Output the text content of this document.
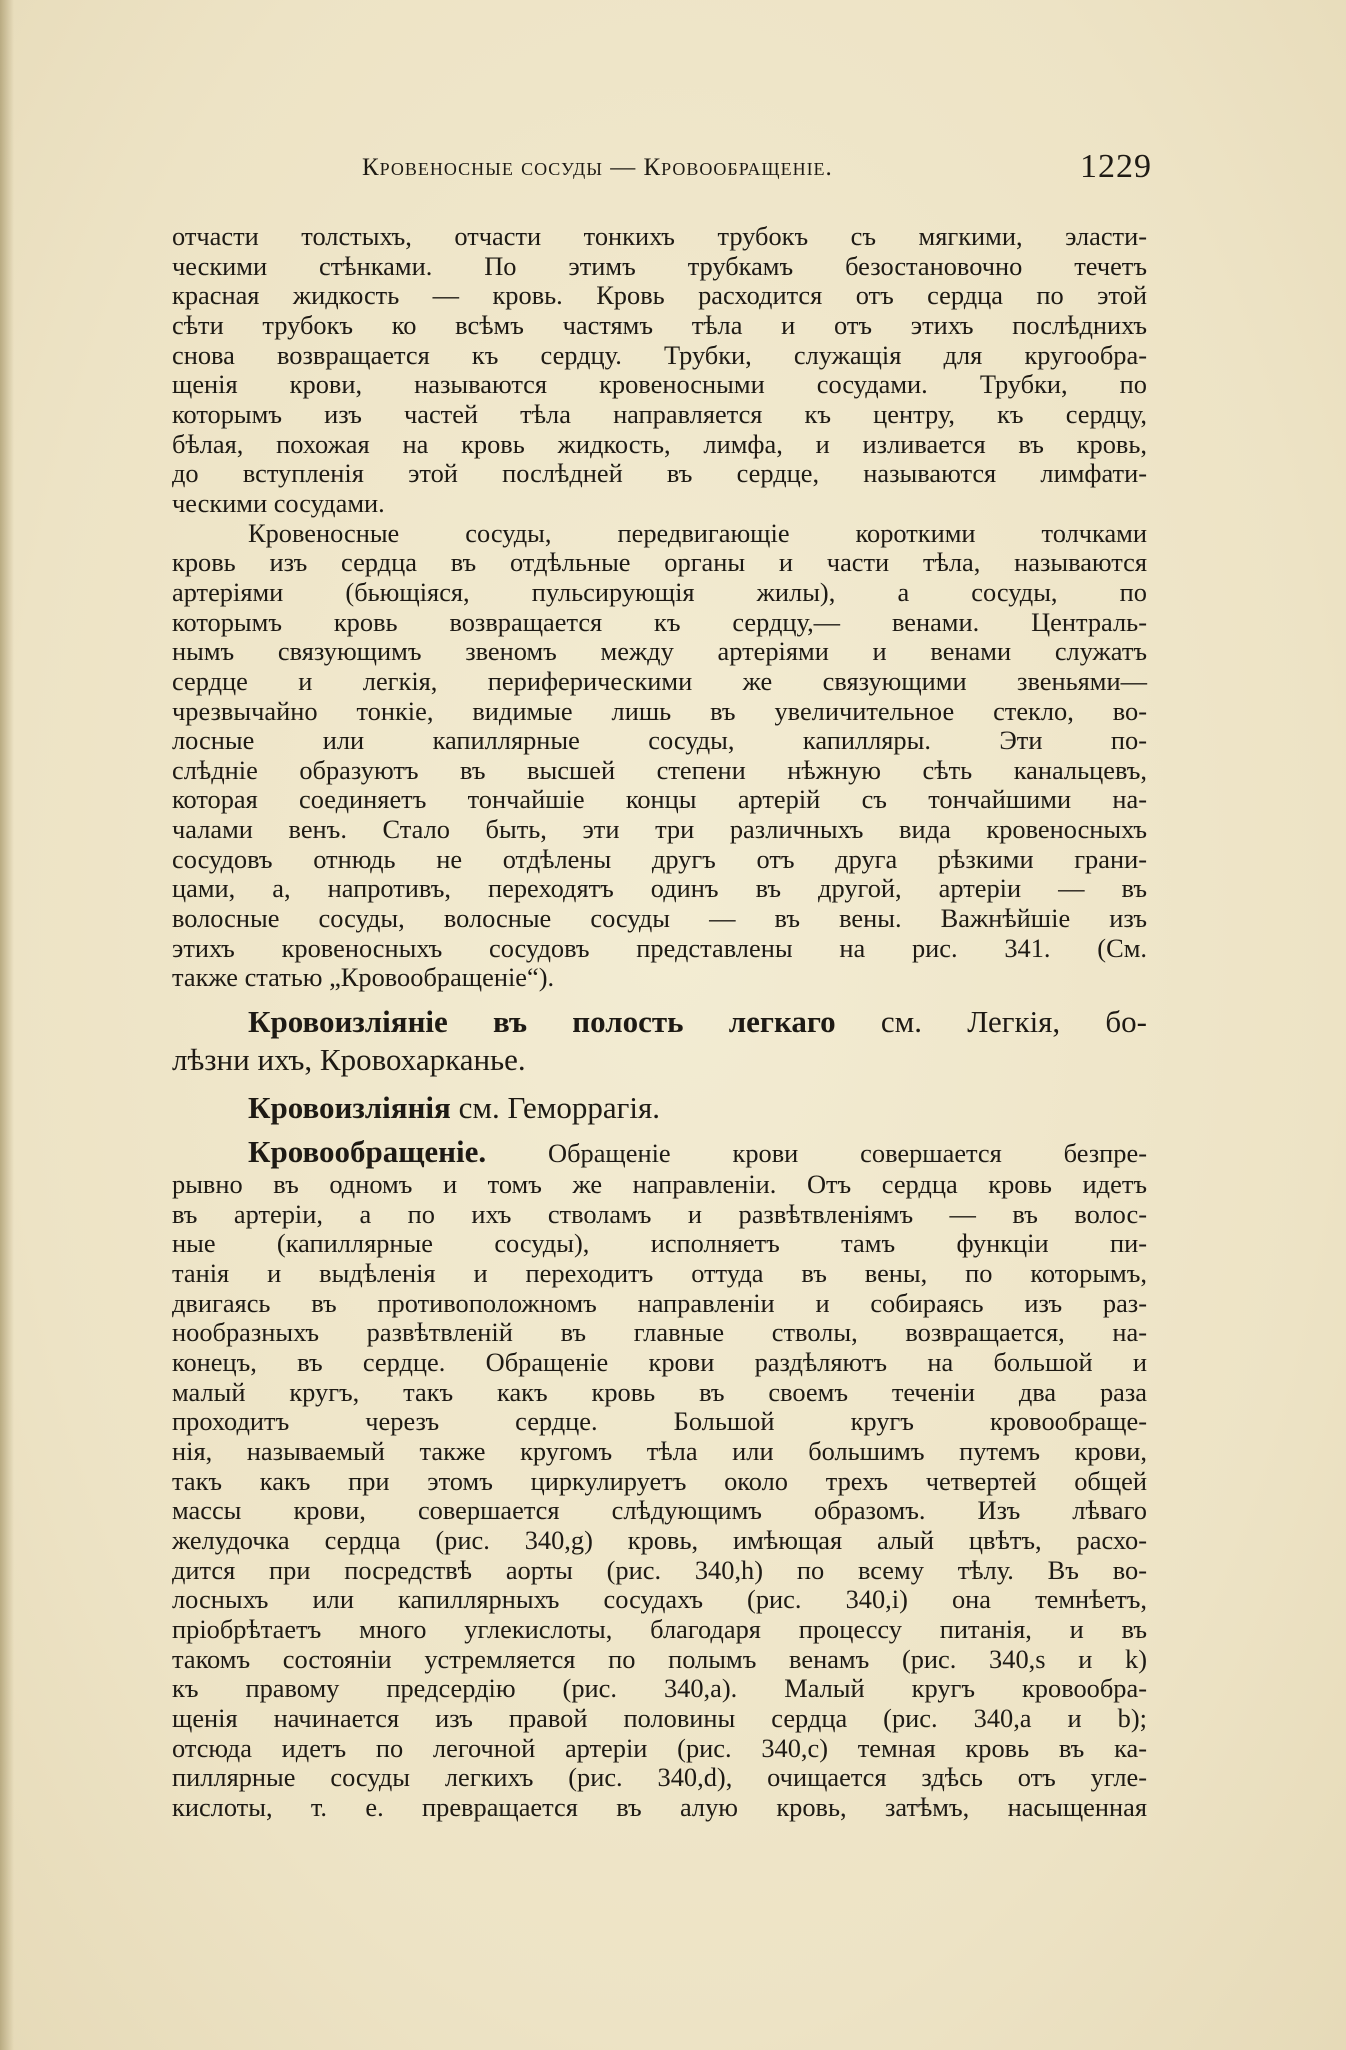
Кровеносные сосуды — Кровообращеніе.	1229
отчасти толстыхъ, отчасти тонкихъ трубокъ съ мягкими, эласти-
ческими стѣнками. По этимъ трубкамъ безостановочно течетъ
красная жидкость — кровь. Кровь расходится отъ сердца по этой
сѣти трубокъ ко всѣмъ частямъ тѣла и отъ этихъ послѣднихъ
снова возвращается къ сердцу. Трубки, служащія для кругообра-
щенія крови, называются кровеносными сосудами. Трубки, по
которымъ изъ частей тѣла направляется къ центру, къ сердцу,
бѣлая, похожая на кровь жидкость, лимфа, и изливается въ кровь,
до вступленія этой послѣдней въ сердце, называются лимфати-
ческими сосудами.
Кровеносные сосуды, передвигающіе короткими толчками
кровь изъ сердца въ отдѣльные органы и части тѣла, называются
артеріями (бьющіяся, пульсирующія жилы), а сосуды, по
которымъ кровь возвращается къ сердцу,— венами. Централь-
нымъ связующимъ звеномъ между артеріями и венами служатъ
сердце и легкія, периферическими же связующими звеньями—
чрезвычайно тонкіе, видимые лишь въ увеличительное стекло, во-
лосные или капиллярные сосуды, капилляры. Эти по-
слѣдніе образуютъ въ высшей степени нѣжную сѣть канальцевъ,
которая соединяетъ тончайшіе концы артерій съ тончайшими на-
чалами венъ. Стало быть, эти три различныхъ вида кровеносныхъ
сосудовъ отнюдь не отдѣлены другъ отъ друга рѣзкими грани-
цами, а, напротивъ, переходятъ одинъ въ другой, артеріи — въ
волосные сосуды, волосные сосуды — въ вены. Важнѣйшіе изъ
этихъ кровеносныхъ сосудовъ представлены на рис. 341. (См.
также статью „Кровообращеніе“).
Кровоизліяніе въ полость легкаго см. Легкія, бо-
лѣзни ихъ, Кровохарканье.
Кровоизліянія см. Геморрагія.
Кровообращеніе. Обращеніе крови совершается безпре-
рывно въ одномъ и томъ же направленіи. Отъ сердца кровь идетъ
въ артеріи, а по ихъ стволамъ и развѣтвленіямъ — въ волос-
ные (капиллярные сосуды), исполняетъ тамъ функціи пи-
танія и выдѣленія и переходитъ оттуда въ вены, по которымъ,
двигаясь въ противоположномъ направленіи и собираясь изъ раз-
нообразныхъ развѣтвленій въ главные стволы, возвращается, на-
конецъ, въ сердце. Обращеніе крови раздѣляютъ на большой и
малый кругъ, такъ какъ кровь въ своемъ теченіи два раза
проходитъ черезъ сердце. Большой кругъ кровообраще-
нія, называемый также кругомъ тѣла или большимъ путемъ крови,
такъ какъ при этомъ циркулируетъ около трехъ четвертей общей
массы крови, совершается слѣдующимъ образомъ. Изъ лѣваго
желудочка сердца (рис. 340,g) кровь, имѣющая алый цвѣтъ, расхо-
дится при посредствѣ аорты (рис. 340,h) по всему тѣлу. Въ во-
лосныхъ или капиллярныхъ сосудахъ (рис. 340,i) она темнѣетъ,
пріобрѣтаетъ много углекислоты, благодаря процессу питанія, и въ
такомъ состояніи устремляется по полымъ венамъ (рис. 340,s и k)
къ правому предсердію (рис. 340,a). Малый кругъ кровообра-
щенія начинается изъ правой половины сердца (рис. 340,a и b);
отсюда идетъ по легочной артеріи (рис. 340,c) темная кровь въ ка-
пиллярные сосуды легкихъ (рис. 340,d), очищается здѣсь отъ угле-
кислоты, т. е. превращается въ алую кровь, затѣмъ, насыщенная
